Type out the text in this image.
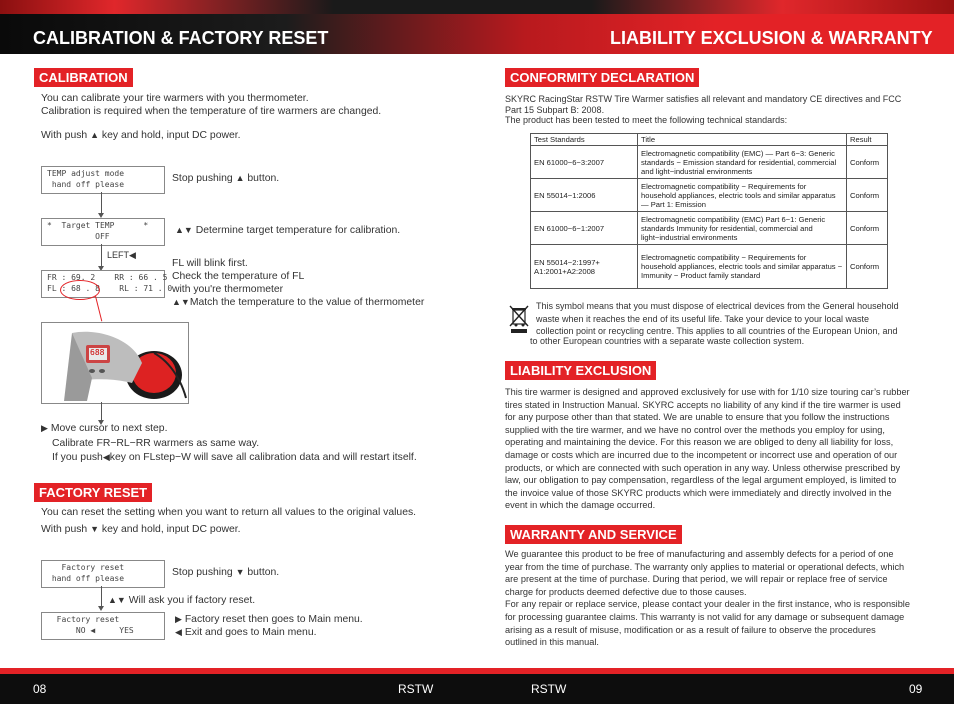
CALIBRATION & FACTORY RESET	LIABILITY EXCLUSION & WARRANTY
CALIBRATION
You can calibrate your tire warmers with you thermometer.
Calibration is required when the temperature of tire warmers are changed.
With push ▲ key and hold, input DC power.
TEMP adjust mode
hand off please
Stop pushing ▲ button.
*  Target TEMP      *
OFF
▲▼ Determine target temperature for calibration.
LEFT◀
FR : 69. 2    RR : 66 . 5
FL : 68 . 8    RL : 71 . 0
FL will blink first.
Check the temperature of FL
with you're thermometer
▲▼Match the temperature to the value of thermometer
688
▶ Move cursor to next step.
Calibrate FR−RL−RR warmers as same way.
If you push◀key on FLstep−W will save all calibration data and will restart itself.
FACTORY RESET
You can reset the setting when you want to return all values to the original values.
With push ▼ key and hold, input DC power.
Factory reset
hand off please
Stop pushing ▼ button.
▲▼ Will ask you if factory reset.
Factory reset
NO ◀     YES
▶ Factory reset then goes to Main menu.
◀ Exit and goes to Main menu.
CONFORMITY DECLARATION
SKYRC RacingStar RSTW Tire Warmer satisfies all relevant and mandatory CE directives and FCC
Part 15 Subpart B: 2008.
The product has been tested to meet the following technical standards:
Test Standards	Title	Result
EN 61000−6−3:2007	Electromagnetic compatibility (EMC) — Part 6−3: Generic standards − Emission standard for residential, commercial and light−industrial environments	Conform
EN 55014−1:2006	Electromagnetic compatibility − Requirements for household appliances, electric tools and similar apparatus — Part 1: Emission	Conform
EN 61000−6−1:2007	Electromagnetic compatibility (EMC) Part 6−1: Generic standards Immunity for residential, commercial and light−industrial environments	Conform
EN 55014−2:1997+ A1:2001+A2:2008	Electromagnetic compatibility − Requirements for household appliances, electric tools and similar apparatus − Immunity − Product family standard	Conform
This symbol means that you must dispose of electrical devices from the General household
waste when it reaches the end of its useful life. Take your device to your local waste
collection point or recycling centre. This applies to all countries of the European Union, and
to other European countries with a separate waste collection system.
LIABILITY EXCLUSION
This tire warmer is designed and approved exclusively for use with for 1/10 size touring car’s rubber
tires stated in Instruction Manual. SKYRC accepts no liability of any kind if the tire warmer is used
for any purpose other than that stated. We are unable to ensure that you follow the instructions
supplied with the tire warmer, and we have no control over the methods you employ for using,
operating and maintaining the device. For this reason we are obliged to deny all liability for loss,
damage or costs which are incurred due to the incompetent or incorrect use and operation of our
products, or which are connected with such operation in any way. Unless otherwise prescribed by
law, our obligation to pay compensation, regardless of the legal argument employed, is limited to
the invoice value of those SKYRC products which were immediately and directly involved in the
event in which the damage occurred.
WARRANTY AND SERVICE
We guarantee this product to be free of manufacturing and assembly defects for a period of one
year from the time of purchase. The warranty only applies to material or operational defects, which
are present at the time of purchase. During that period, we will repair or replace free of service
charge for products deemed defective due to those causes.
For any repair or replace service, please contact your dealer in the first instance, who is responsible
for processing guarantee claims. This warranty is not valid for any damage or subsequent damage
arising as a result of misuse, modification or as a result of failure to observe the procedures
outlined in this manual.
08	RSTW	RSTW	09
